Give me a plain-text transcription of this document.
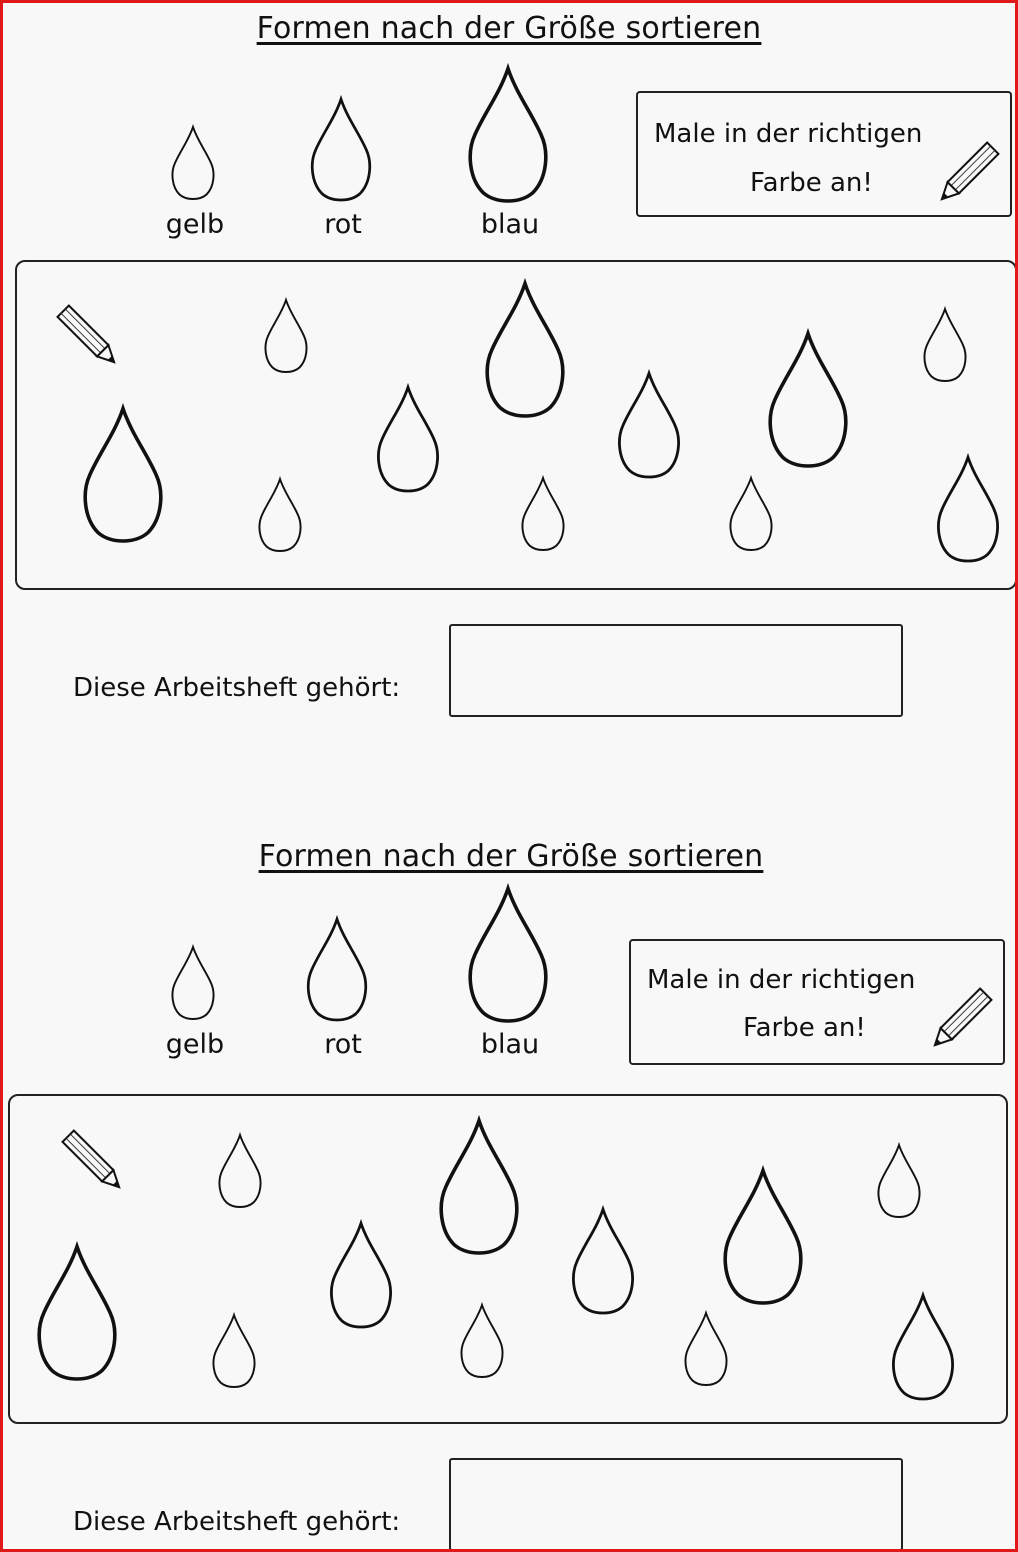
Formen nach der Größe sortieren
gelb	rot	blau
Male in der richtigen
Farbe an!
Diese Arbeitsheft gehört:
Formen nach der Größe sortieren
gelb	rot	blau
Male in der richtigen
Farbe an!
Diese Arbeitsheft gehört:
